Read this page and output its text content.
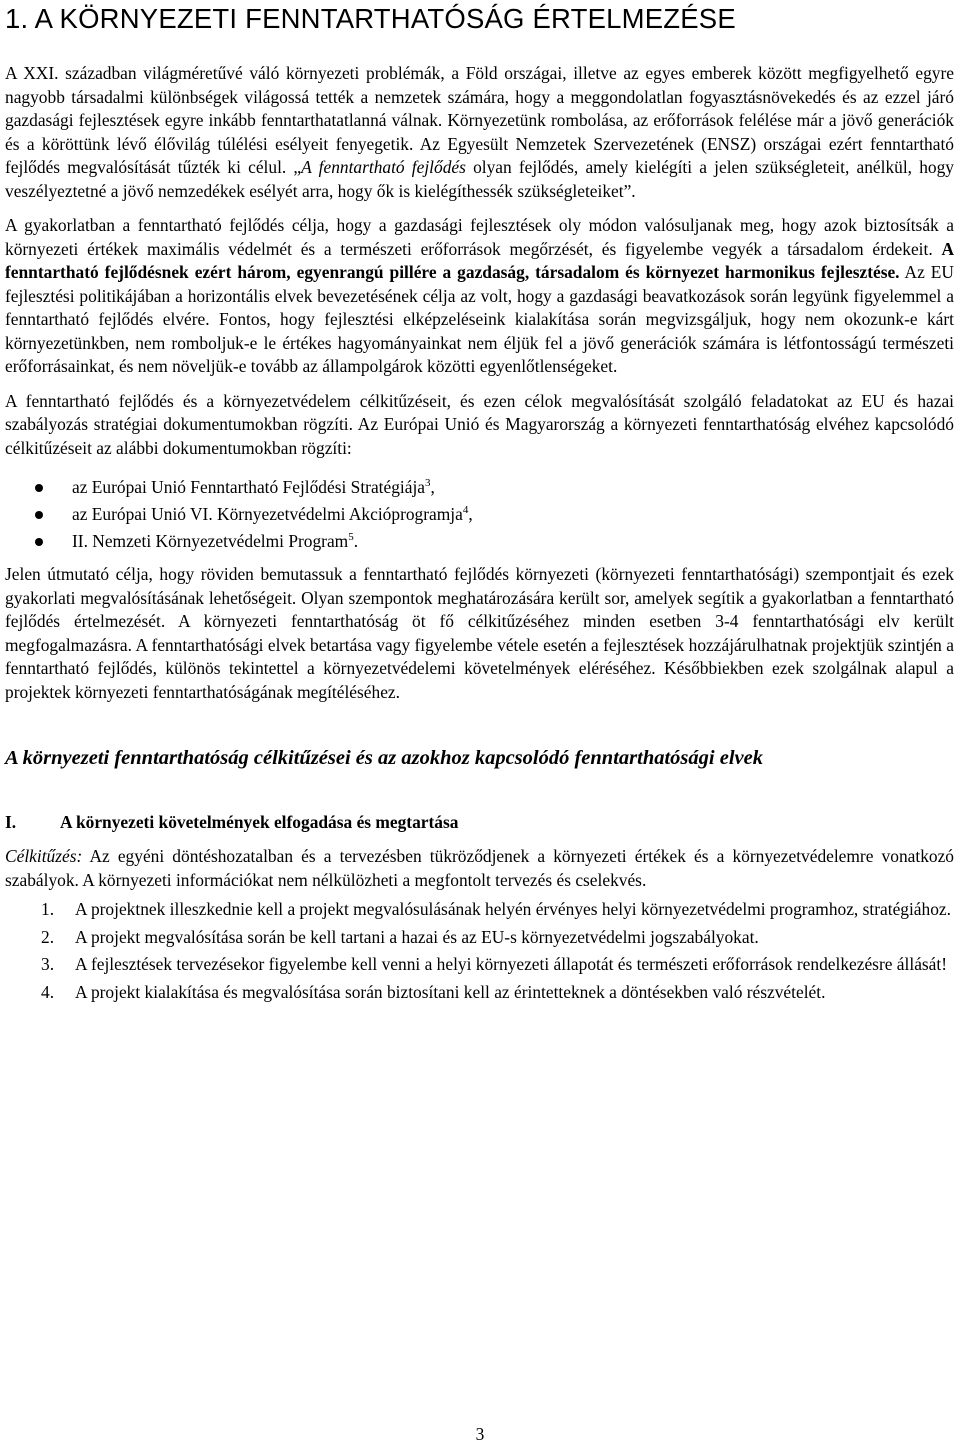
1. A KÖRNYEZETI FENNTARTHATÓSÁG ÉRTELMEZÉSE

A XXI. században világméretűvé váló környezeti problémák, a Föld országai, illetve az egyes emberek között megfigyelhető egyre nagyobb társadalmi különbségek világossá tették a nemzetek számára, hogy a meggondolatlan fogyasztásnövekedés és az ezzel járó gazdasági fejlesztések egyre inkább fenntarthatatlanná válnak. Környezetünk rombolása, az erőforrások felélése már a jövő generációk és a köröttünk lévő élővilág túlélési esélyeit fenyegetik. Az Egyesült Nemzetek Szervezetének (ENSZ) országai ezért fenntartható fejlődés megvalósítását tűzték ki célul. „A fenntartható fejlődés olyan fejlődés, amely kielégíti a jelen szükségleteit, anélkül, hogy veszélyeztetné a jövő nemzedékek esélyét arra, hogy ők is kielégíthessék szükségleteiket”.

A gyakorlatban a fenntartható fejlődés célja, hogy a gazdasági fejlesztések oly módon valósuljanak meg, hogy azok biztosítsák a környezeti értékek maximális védelmét és a természeti erőforrások megőrzését, és figyelembe vegyék a társadalom érdekeit. A fenntartható fejlődésnek ezért három, egyenrangú pillére a gazdaság, társadalom és környezet harmonikus fejlesztése. Az EU fejlesztési politikájában a horizontális elvek bevezetésének célja az volt, hogy a gazdasági beavatkozások során legyünk figyelemmel a fenntartható fejlődés elvére. Fontos, hogy fejlesztési elképzeléseink kialakítása során megvizsgáljuk, hogy nem okozunk-e kárt környezetünkben, nem romboljuk-e le értékes hagyományainkat nem éljük fel a jövő generációk számára is létfontosságú természeti erőforrásainkat, és nem növeljük-e tovább az állampolgárok közötti egyenlőtlenségeket.

A fenntartható fejlődés és a környezetvédelem célkitűzéseit, és ezen célok megvalósítását szolgáló feladatokat az EU és hazai szabályozás stratégiai dokumentumokban rögzíti. Az Európai Unió és Magyarország a környezeti fenntarthatóság elvéhez kapcsolódó célkitűzéseit az alábbi dokumentumokban rögzíti:

az Európai Unió Fenntartható Fejlődési Stratégiája$^3$,
az Európai Unió VI. Környezetvédelmi Akcióprogramja$^4$,
II. Nemzeti Környezetvédelmi Program$^5$.

Jelen útmutató célja, hogy röviden bemutassuk a fenntartható fejlődés környezeti (környezeti fenntarthatósági) szempontjait és ezek gyakorlati megvalósításának lehetőségeit. Olyan szempontok meghatározására került sor, amelyek segítik a gyakorlatban a fenntartható fejlődés értelmezését. A környezeti fenntarthatóság öt fő célkitűzéséhez minden esetben 3-4 fenntarthatósági elv került megfogalmazásra. A fenntarthatósági elvek betartása vagy figyelembe vétele esetén a fejlesztések hozzájárulhatnak projektjük szintjén a fenntartható fejlődés, különös tekintettel a környezetvédelemi követelmények eléréséhez. Későbbiekben ezek szolgálnak alapul a projektek környezeti fenntarthatóságának megítéléséhez.

A környezeti fenntarthatóság célkitűzései és az azokhoz kapcsolódó fenntarthatósági elvek
I.	A környezeti követelmények elfogadása és megtartása

Célkitűzés: Az egyéni döntéshozatalban és a tervezésben tükröződjenek a környezeti értékek és a környezetvédelemre vonatkozó szabályok. A környezeti információkat nem nélkülözheti a megfontolt tervezés és cselekvés.

1. A projektnek illeszkednie kell a projekt megvalósulásának helyén érvényes helyi környezetvédelmi programhoz, stratégiához.
2. A projekt megvalósítása során be kell tartani a hazai és az EU-s környezetvédelmi jogszabályokat.
3. A fejlesztések tervezésekor figyelembe kell venni a helyi környezeti állapotát és természeti erőforrások rendelkezésre állását!
4. A projekt kialakítása és megvalósítása során biztosítani kell az érintetteknek a döntésekben való részvételét.
3
